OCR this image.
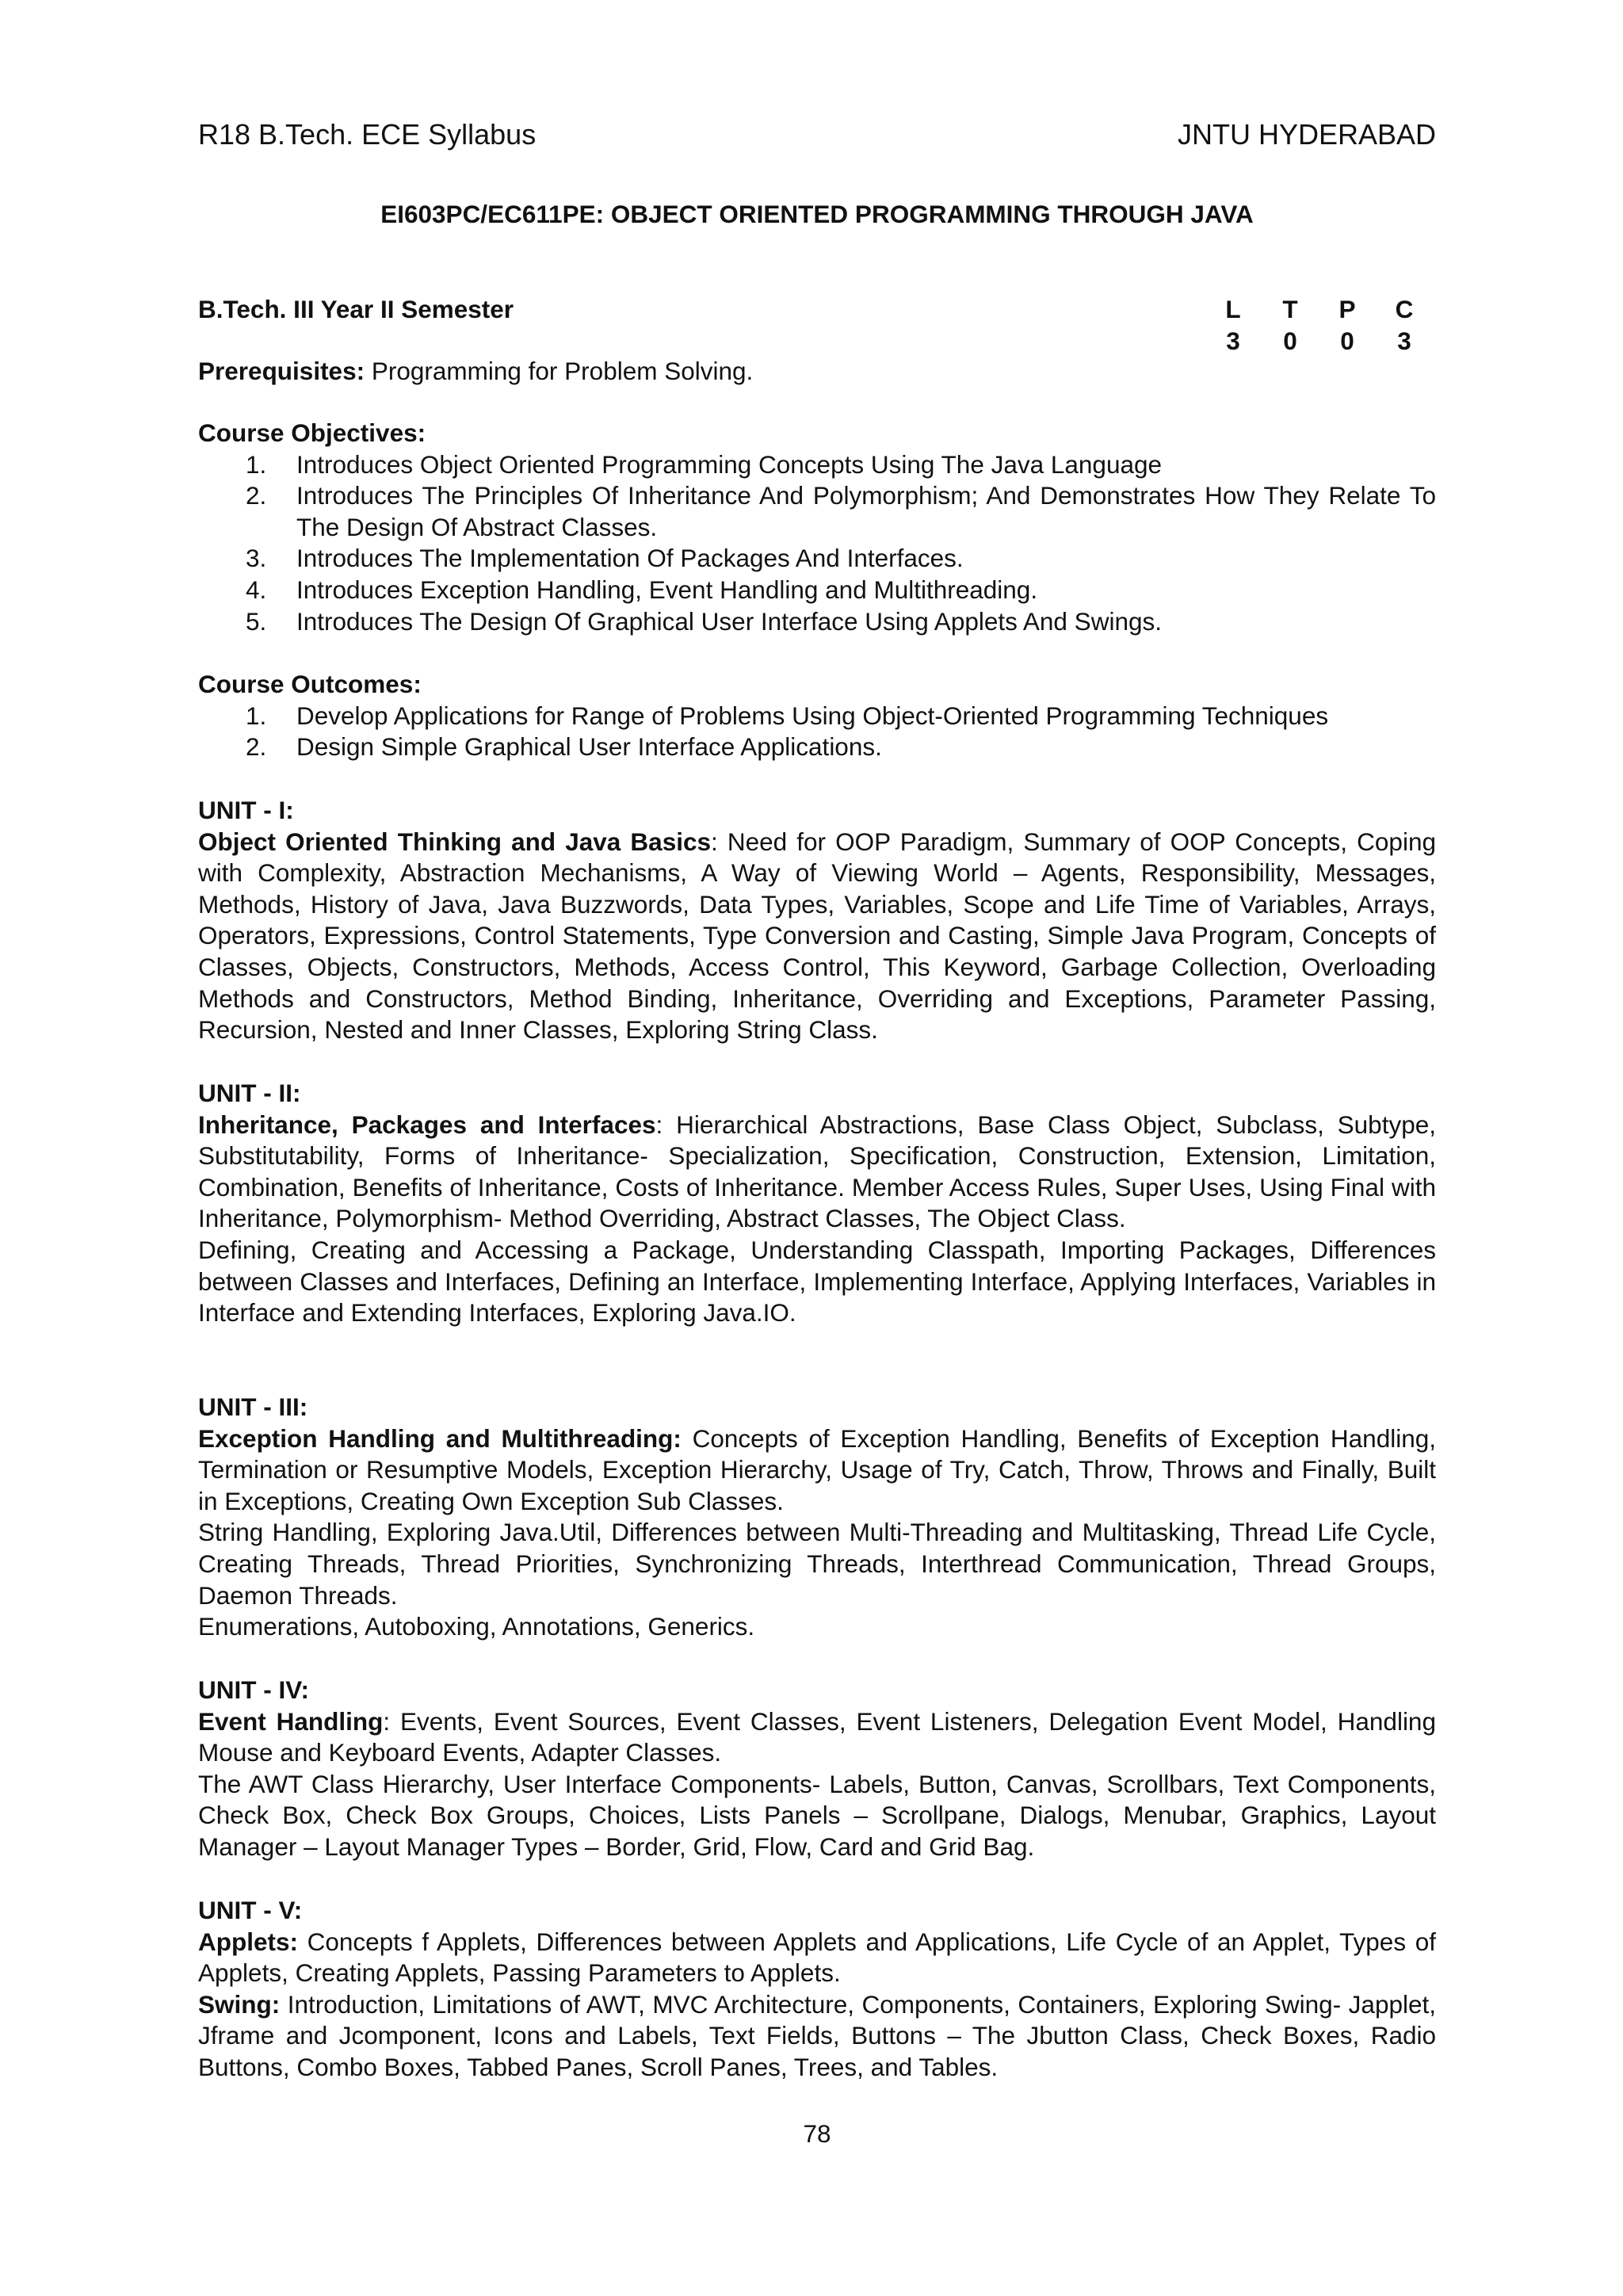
R18 B.Tech. ECE Syllabus	JNTU HYDERABAD
EI603PC/EC611PE: OBJECT ORIENTED PROGRAMMING THROUGH JAVA
B.Tech. III Year II Semester	L	T	P	C
3	0	0	3
Prerequisites: Programming for Problem Solving.
Course Objectives:
1. Introduces Object Oriented Programming Concepts Using The Java Language
2. Introduces The Principles Of Inheritance And Polymorphism; And Demonstrates How They Relate To The Design Of Abstract Classes.
3. Introduces The Implementation Of Packages And Interfaces.
4. Introduces Exception Handling, Event Handling and Multithreading.
5. Introduces The Design Of Graphical User Interface Using Applets And Swings.
Course Outcomes:
1. Develop Applications for Range of Problems Using Object-Oriented Programming Techniques
2. Design Simple Graphical User Interface Applications.
UNIT - I:

Object Oriented Thinking and Java Basics: Need for OOP Paradigm, Summary of OOP Concepts, Coping with Complexity, Abstraction Mechanisms, A Way of Viewing World – Agents, Responsibility, Messages, Methods, History of Java, Java Buzzwords, Data Types, Variables, Scope and Life Time of Variables, Arrays, Operators, Expressions, Control Statements, Type Conversion and Casting, Simple Java Program, Concepts of Classes, Objects, Constructors, Methods, Access Control, This Keyword, Garbage Collection, Overloading Methods and Constructors, Method Binding, Inheritance, Overriding and Exceptions, Parameter Passing, Recursion, Nested and Inner Classes, Exploring String Class.

UNIT - II:

Inheritance, Packages and Interfaces: Hierarchical Abstractions, Base Class Object, Subclass, Subtype, Substitutability, Forms of Inheritance- Specialization, Specification, Construction, Extension, Limitation, Combination, Benefits of Inheritance, Costs of Inheritance. Member Access Rules, Super Uses, Using Final with Inheritance, Polymorphism- Method Overriding, Abstract Classes, The Object Class.

Defining, Creating and Accessing a Package, Understanding Classpath, Importing Packages, Differences between Classes and Interfaces, Defining an Interface, Implementing Interface, Applying Interfaces, Variables in Interface and Extending Interfaces, Exploring Java.IO.

UNIT - III:

Exception Handling and Multithreading: Concepts of Exception Handling, Benefits of Exception Handling, Termination or Resumptive Models, Exception Hierarchy, Usage of Try, Catch, Throw, Throws and Finally, Built in Exceptions, Creating Own Exception Sub Classes.

String Handling, Exploring Java.Util, Differences between Multi-Threading and Multitasking, Thread Life Cycle, Creating Threads, Thread Priorities, Synchronizing Threads, Interthread Communication, Thread Groups, Daemon Threads.

Enumerations, Autoboxing, Annotations, Generics.

UNIT - IV:

Event Handling: Events, Event Sources, Event Classes, Event Listeners, Delegation Event Model, Handling Mouse and Keyboard Events, Adapter Classes.

The AWT Class Hierarchy, User Interface Components- Labels, Button, Canvas, Scrollbars, Text Components, Check Box, Check Box Groups, Choices, Lists Panels – Scrollpane, Dialogs, Menubar, Graphics, Layout Manager – Layout Manager Types – Border, Grid, Flow, Card and Grid Bag.

UNIT - V:

Applets: Concepts f Applets, Differences between Applets and Applications, Life Cycle of an Applet, Types of Applets, Creating Applets, Passing Parameters to Applets.

Swing: Introduction, Limitations of AWT, MVC Architecture, Components, Containers, Exploring Swing- Japplet, Jframe and Jcomponent, Icons and Labels, Text Fields, Buttons – The Jbutton Class, Check Boxes, Radio Buttons, Combo Boxes, Tabbed Panes, Scroll Panes, Trees, and Tables.

78
